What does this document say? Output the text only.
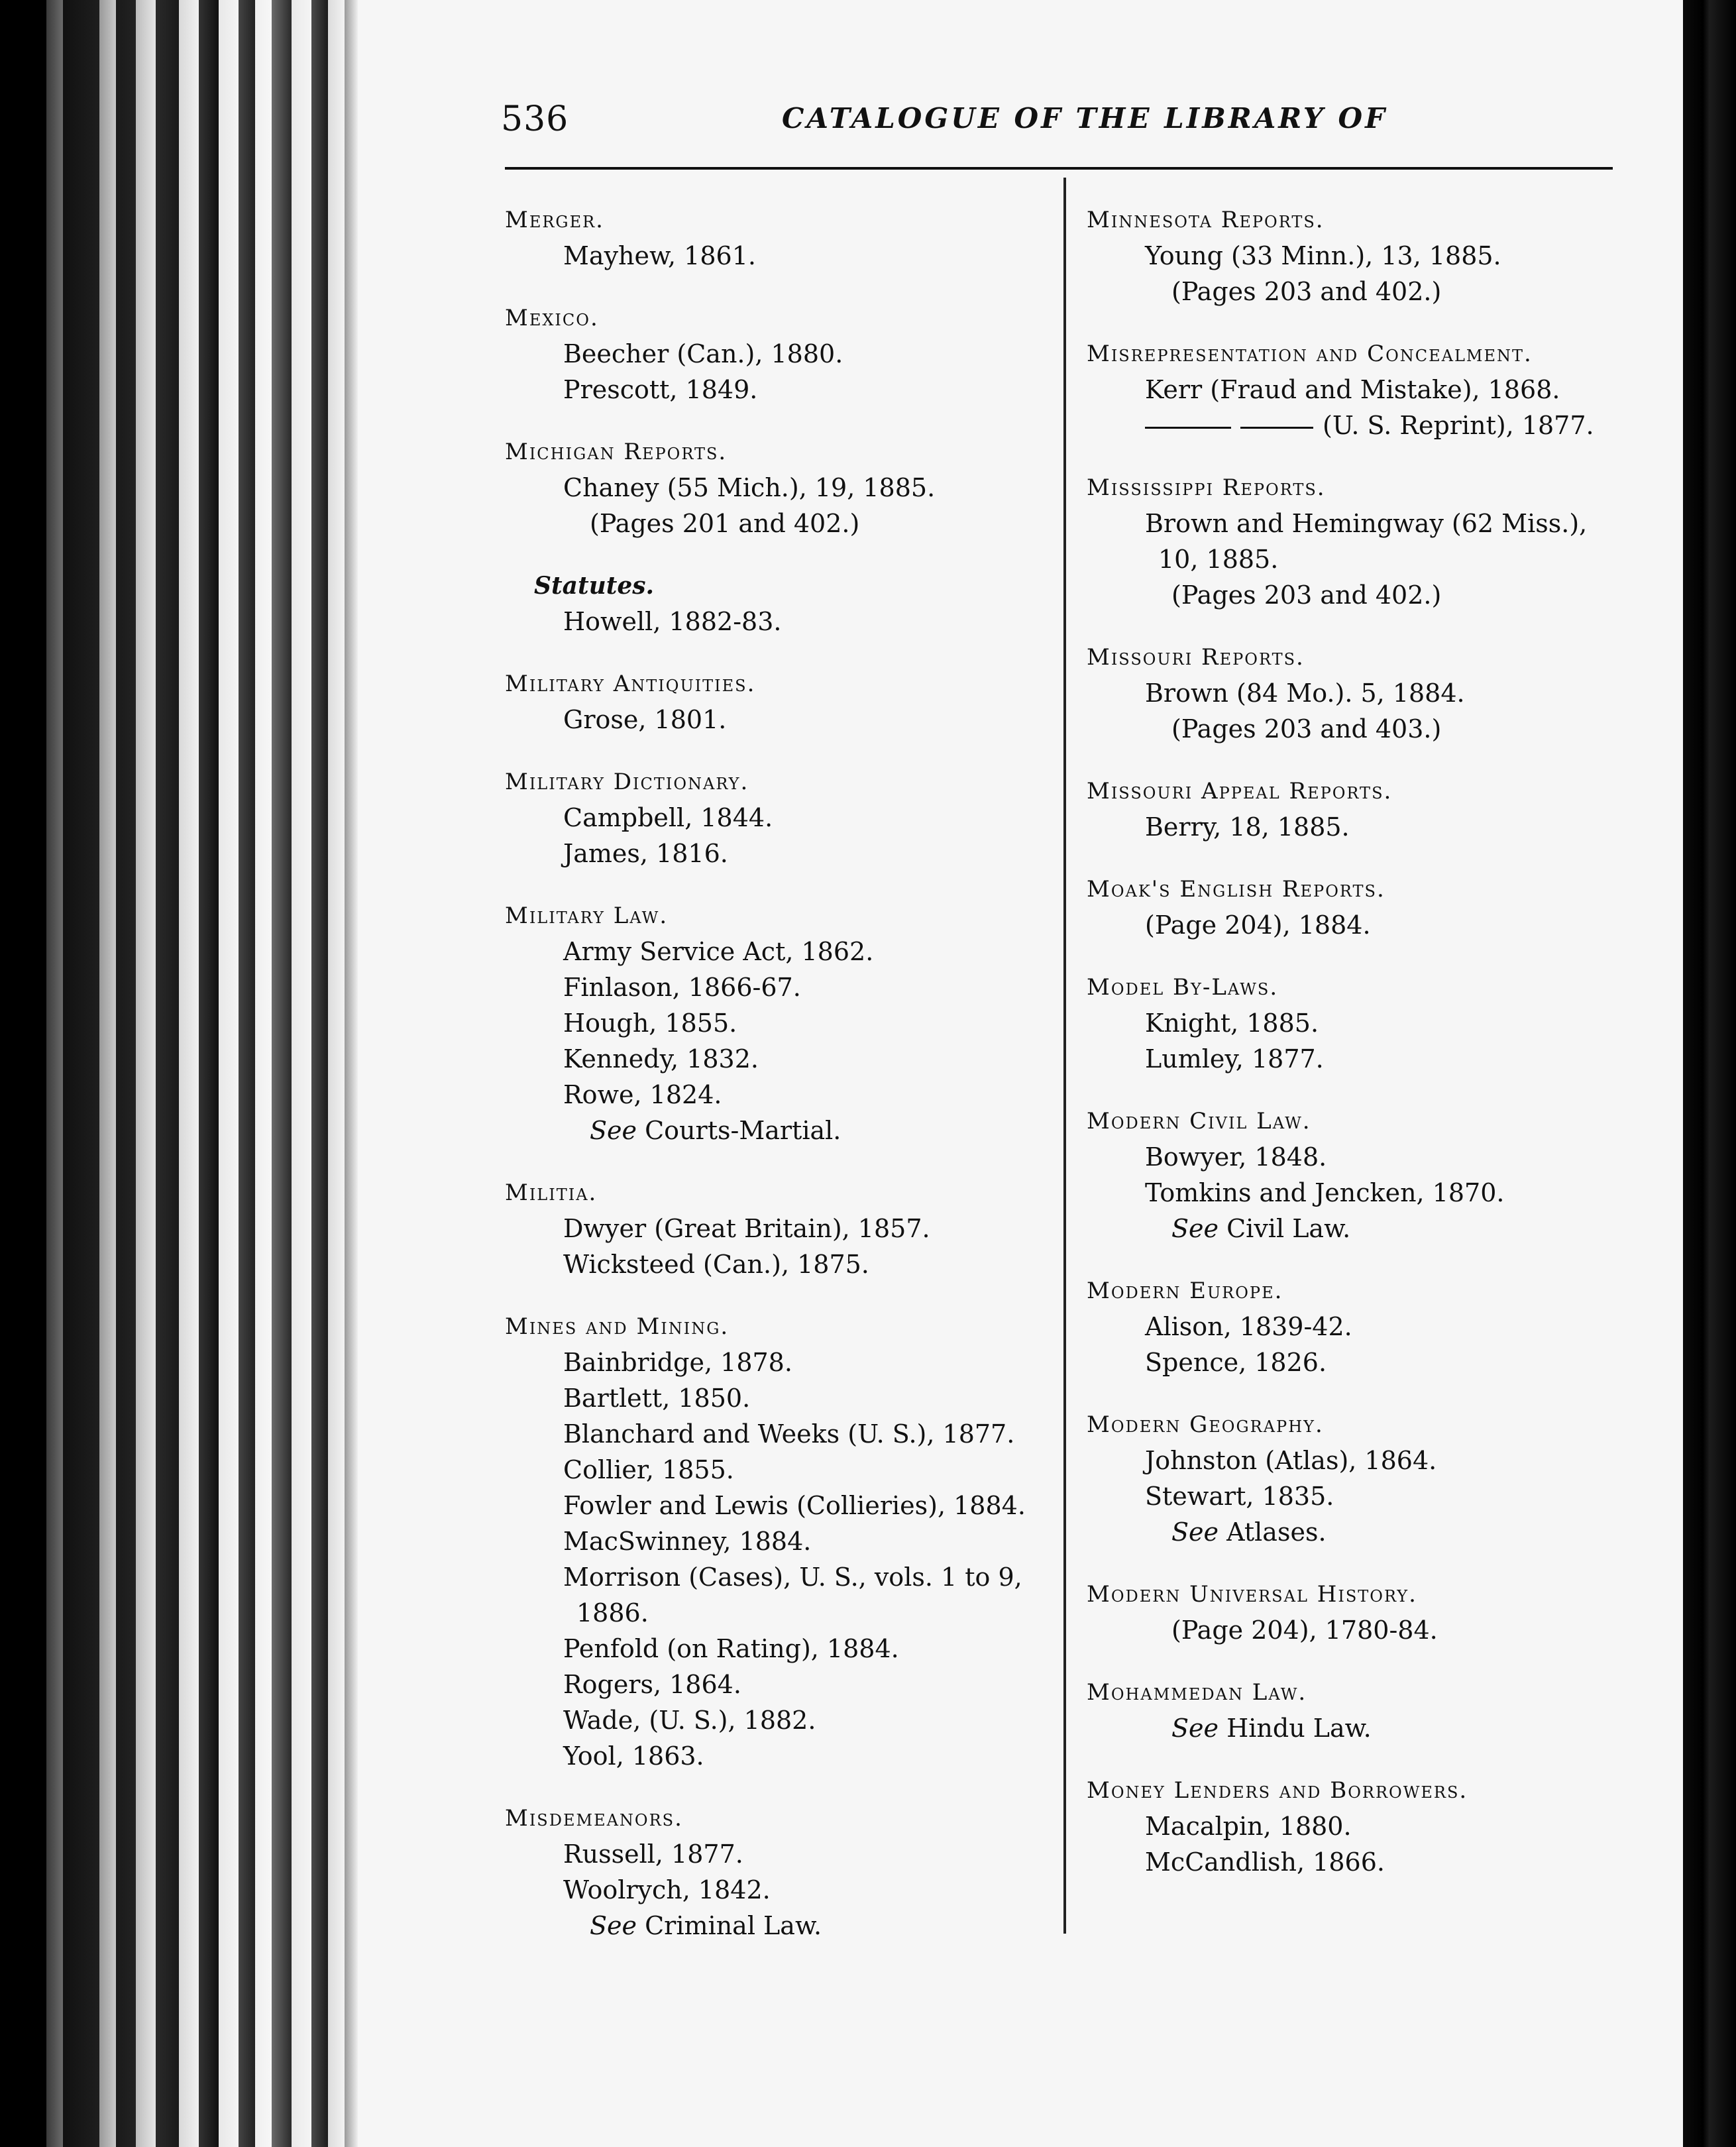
536	CATALOGUE OF THE LIBRARY OF
Merger.
Mayhew, 1861.
Mexico.
Beecher (Can.), 1880.
Prescott, 1849.
Michigan Reports.
Chaney (55 Mich.), 19, 1885.
(Pages 201 and 402.)
Statutes.
Howell, 1882-83.
Military Antiquities.
Grose, 1801.
Military Dictionary.
Campbell, 1844.
James, 1816.
Military Law.
Army Service Act, 1862.
Finlason, 1866-67.
Hough, 1855.
Kennedy, 1832.
Rowe, 1824.
See Courts-Martial.
Militia.
Dwyer (Great Britain), 1857.
Wicksteed (Can.), 1875.
Mines and Mining.
Bainbridge, 1878.
Bartlett, 1850.
Blanchard and Weeks (U. S.), 1877.
Collier, 1855.
Fowler and Lewis (Collieries), 1884.
MacSwinney, 1884.
Morrison (Cases), U. S., vols. 1 to 9,
1886.
Penfold (on Rating), 1884.
Rogers, 1864.
Wade, (U. S.), 1882.
Yool, 1863.
Misdemeanors.
Russell, 1877.
Woolrych, 1842.
See Criminal Law.
Minnesota Reports.
Young (33 Minn.), 13, 1885.
(Pages 203 and 402.)
Misrepresentation and Concealment.
Kerr (Fraud and Mistake), 1868.
(U. S. Reprint), 1877.
Mississippi Reports.
Brown and Hemingway (62 Miss.),
10, 1885.
(Pages 203 and 402.)
Missouri Reports.
Brown (84 Mo.). 5, 1884.
(Pages 203 and 403.)
Missouri Appeal Reports.
Berry, 18, 1885.
Moak's English Reports.
(Page 204), 1884.
Model By-Laws.
Knight, 1885.
Lumley, 1877.
Modern Civil Law.
Bowyer, 1848.
Tomkins and Jencken, 1870.
See Civil Law.
Modern Europe.
Alison, 1839-42.
Spence, 1826.
Modern Geography.
Johnston (Atlas), 1864.
Stewart, 1835.
See Atlases.
Modern Universal History.
(Page 204), 1780-84.
Mohammedan Law.
See Hindu Law.
Money Lenders and Borrowers.
Macalpin, 1880.
McCandlish, 1866.
